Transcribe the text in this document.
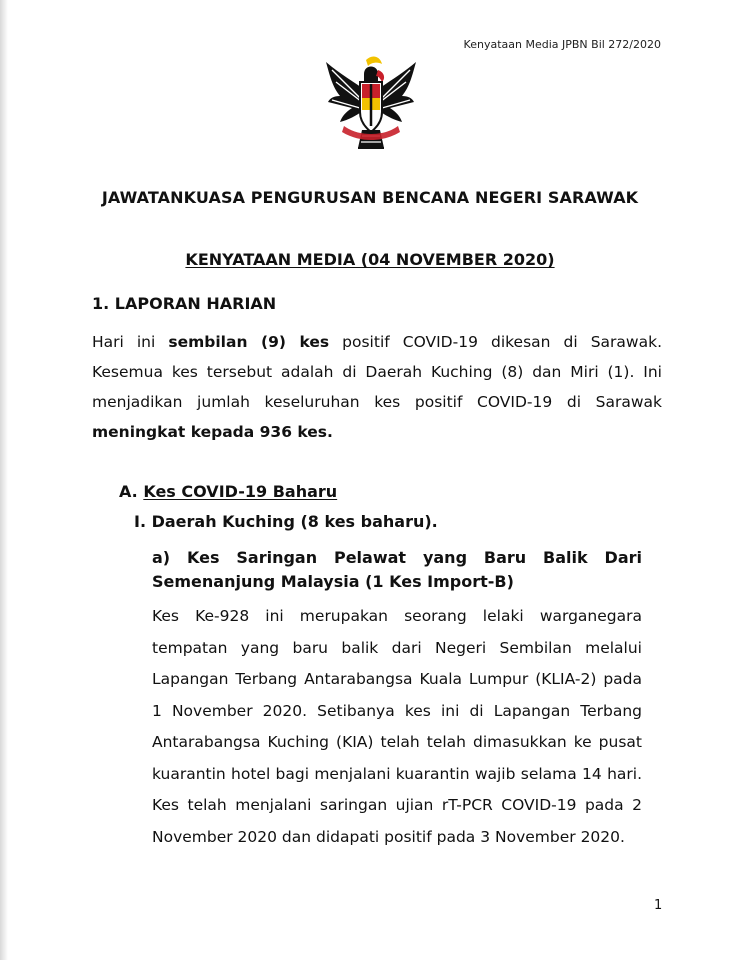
Kenyataan Media JPBN Bil 272/2020
JAWATANKUASA PENGURUSAN BENCANA NEGERI SARAWAK
KENYATAAN MEDIA (04 NOVEMBER 2020)
1. LAPORAN HARIAN
Hari ini sembilan (9) kes positif COVID-19 dikesan di Sarawak. Kesemua kes tersebut adalah di Daerah Kuching (8) dan Miri (1). Ini menjadikan jumlah keseluruhan kes positif COVID-19 di Sarawak meningkat kepada 936 kes.
A. Kes COVID-19 Baharu
I. Daerah Kuching (8 kes baharu).
a) Kes Saringan Pelawat yang Baru Balik Dari
Semenanjung Malaysia (1 Kes Import-B)
Kes Ke-928 ini merupakan seorang lelaki warganegara tempatan yang baru balik dari Negeri Sembilan melalui Lapangan Terbang Antarabangsa Kuala Lumpur (KLIA-2) pada 1 November 2020. Setibanya kes ini di Lapangan Terbang Antarabangsa Kuching (KIA) telah telah dimasukkan ke pusat kuarantin hotel bagi menjalani kuarantin wajib selama 14 hari. Kes telah menjalani saringan ujian rT-PCR COVID-19 pada 2 November 2020 dan didapati positif pada 3 November 2020.
1
